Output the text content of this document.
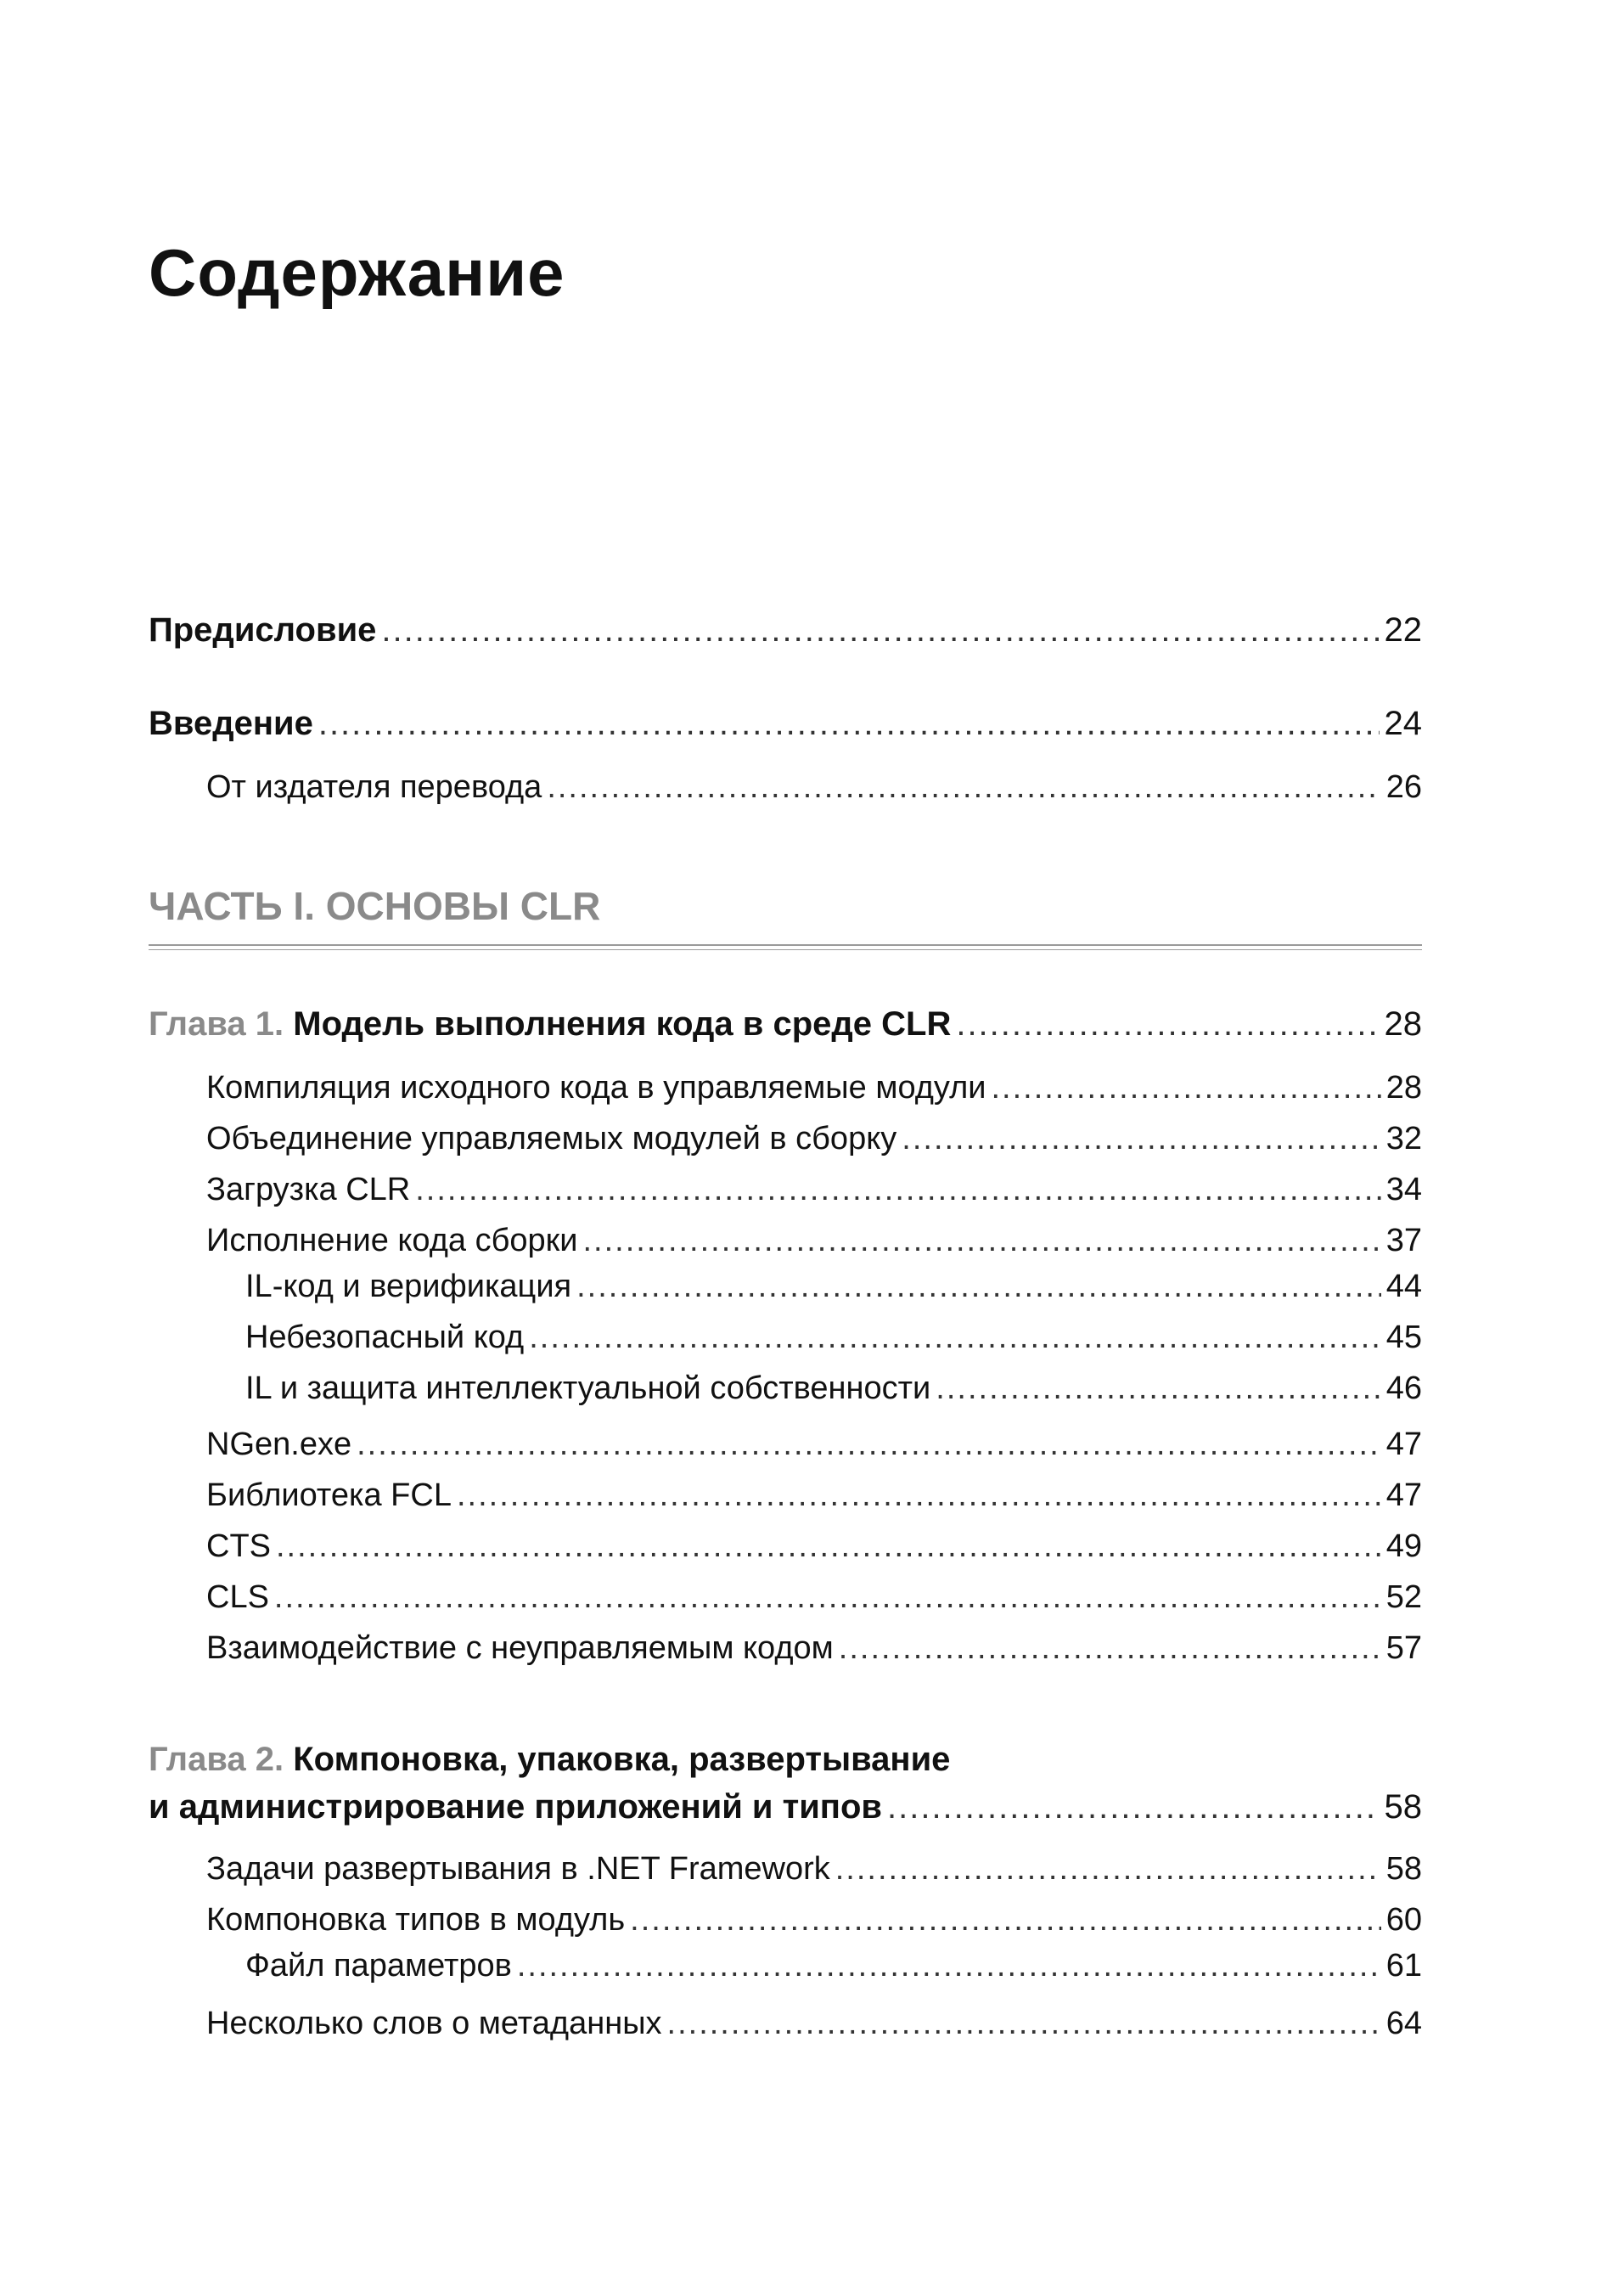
Содержание
Предисловие .....	22
Введение .....	24
От издателя перевода .....	26
ЧАСТЬ I. ОСНОВЫ CLR
Глава 1. Модель выполнения кода в среде CLR .....	28
Компиляция исходного кода в управляемые модули .....	28
Объединение управляемых модулей в сборку .....	32
Загрузка CLR .....	34
Исполнение кода сборки .....	37
IL-код и верификация .....	44
Небезопасный код .....	45
IL и защита интеллектуальной собственности .....	46
NGen.exe .....	47
Библиотека FCL .....	47
CTS .....	49
CLS .....	52
Взаимодействие с неуправляемым кодом .....	57
Глава 2. Компоновка, упаковка, развертывание
и администрирование приложений и типов .....	58
Задачи развертывания в .NET Framework .....	58
Компоновка типов в модуль .....	60
Файл параметров .....	61
Несколько слов о метаданных .....	64
